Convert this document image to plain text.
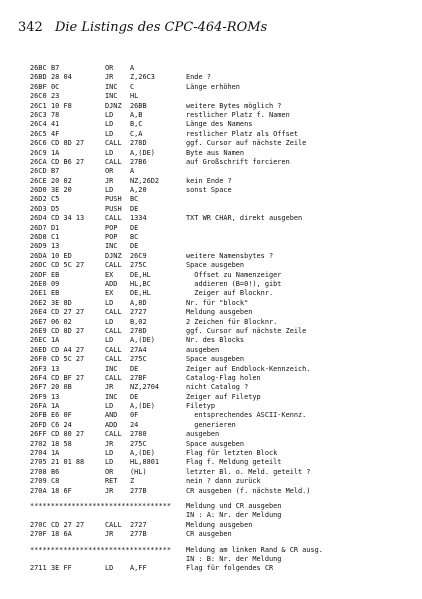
342 Die Listings des CPC-464-ROMs
26BC B7	OR A
26BD 28 04	JR Z,26C3	Ende ?
26BF 0C	INC C	Länge erhöhen
26C0 23	INC HL
26C1 10 F8	DJNZ 26BB	weitere Bytes möglich ?
26C3 78	LD A,B	restlicher Platz f. Namen
26C4 41	LD B,C	Länge des Namens
26C5 4F	LD C,A	restlicher Platz als Offset
26C6 CD 8D 27	CALL 278D	ggf. Cursor auf nächste Zeile
26C9 1A	LD A,(DE)	Byte aus Namen
26CA CD B6 27	CALL 27B6	auf Großschrift forcieren
26CD B7	OR A
26CE 20 02	JR NZ,26D2	kein Ende ?
26D0 3E 20	LD A,20	sonst Space
26D2 C5	PUSH BC
26D3 D5	PUSH DE
26D4 CD 34 13	CALL 1334	TXT WR CHAR, direkt ausgeben
26D7 D1	POP DE
26D8 C1	POP BC
26D9 13	INC DE
26DA 10 ED	DJNZ 26C9	weitere Namensbytes ?
26DC CD 5C 27	CALL 275C	Space ausgeben
26DF EB	EX DE,HL	Offset zu Namenzeiger
26E0 09	ADD HL,BC	addieren (B=0!), gibt
26E1 EB	EX DE,HL	Zeiger auf Blocknr.
26E2 3E 8D	LD A,8D	Nr. für "block"
26E4 CD 27 27	CALL 2727	Meldung ausgeben
26E7 06 02	LD B,02	2 Zeichen für Blocknr.
26E9 CD 8D 27	CALL 278D	ggf. Cursor auf nächste Zeile
26EC 1A	LD A,(DE)	Nr. des Blocks
26ED CD A4 27	CALL 27A4	ausgeben
26F0 CD 5C 27	CALL 275C	Space ausgeben
26F3 13	INC DE	Zeiger auf Endblock-Kennzeich.
26F4 CD BF 27	CALL 27BF	Catalog-Flag holen
26F7 20 0B	JR NZ,2704	nicht Catalog ?
26F9 13	INC DE	Zeiger auf Filetyp
26FA 1A	LD A,(DE)	Filetyp
26FB E6 0F	AND 0F	entsprechendes ASCII-Kennz.
26FD C6 24	ADD 24	generieren
26FF CD 80 27	CALL 2780	ausgeben
2702 18 58	JR 275C	Space ausgeben
2704 1A	LD A,(DE)	Flag für letzten Block
2705 21 01 88	LD HL,8801	Flag f. Meldung geteilt
2708 B6	OR (HL)	letzter Bl. o. Meld. geteilt ?
2709 C8	RET Z	nein ? dann zurück
270A 18 6F	JR 277B	CR ausgeben (f. nächste Meld.)
********************************** Meldung und CR ausgeben
IN : A: Nr. der Meldung
270C CD 27 27	CALL 2727	Meldung ausgeben
270F 18 6A	JR 277B	CR ausgeben
********************************** Meldung am linken Rand & CR ausg.
IN : B: Nr. der Meldung
2711 3E FF	LD A,FF	Flag für folgendes CR
